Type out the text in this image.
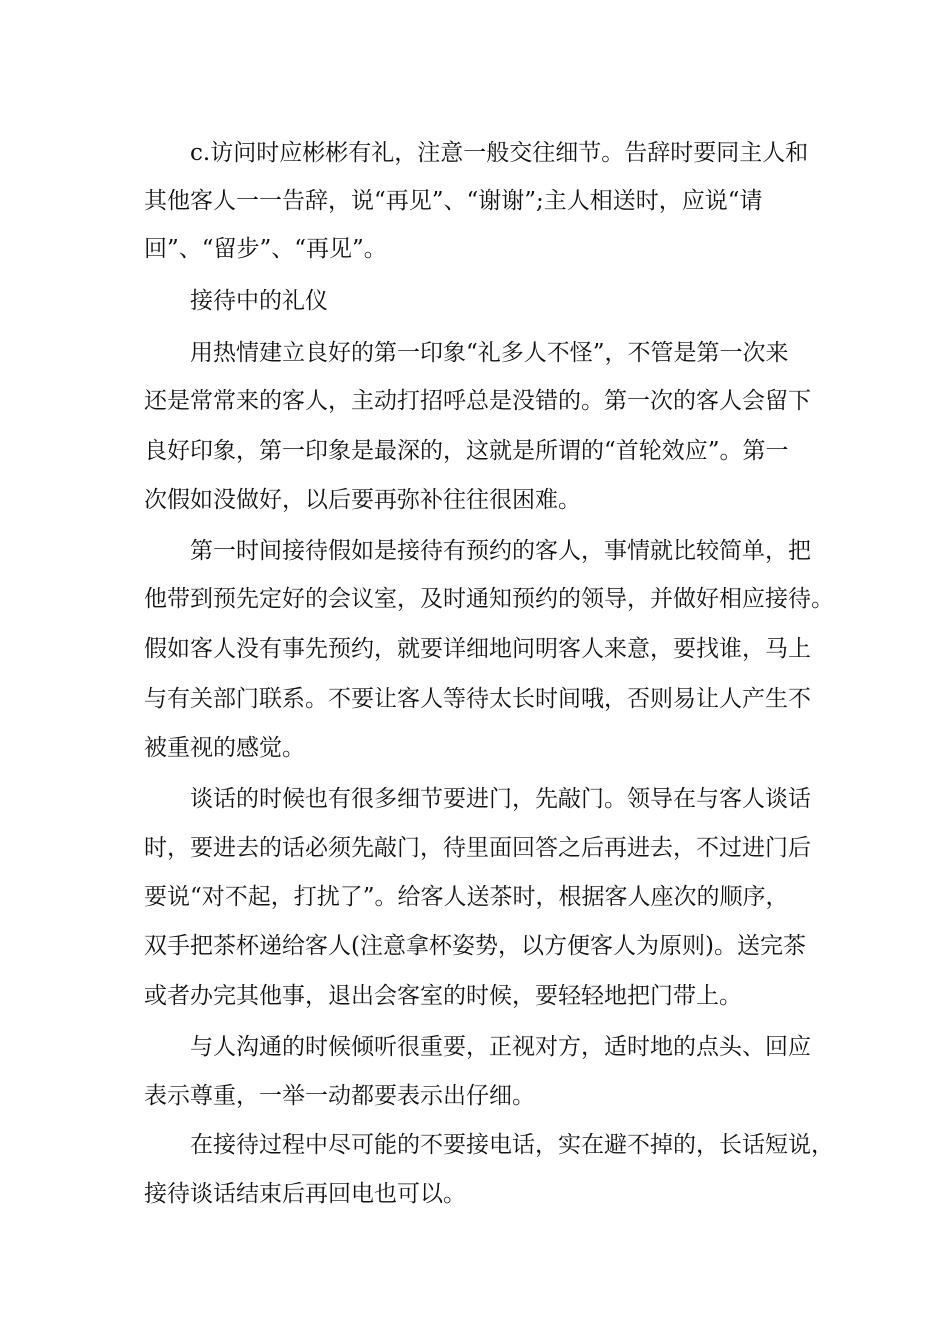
c.访问时应彬彬有礼，注意一般交往细节。告辞时要同主人和
其他客人一一告辞，说“再见”、“谢谢”;主人相送时，应说“请
回”、“留步”、“再见”。
接待中的礼仪
用热情建立良好的第一印象“礼多人不怪”，不管是第一次来
还是常常来的客人，主动打招呼总是没错的。第一次的客人会留下
良好印象，第一印象是最深的，这就是所谓的“首轮效应”。第一
次假如没做好，以后要再弥补往往很困难。
第一时间接待假如是接待有预约的客人，事情就比较简单，把
他带到预先定好的会议室，及时通知预约的领导，并做好相应接待。
假如客人没有事先预约，就要详细地问明客人来意，要找谁，马上
与有关部门联系。不要让客人等待太长时间哦，否则易让人产生不
被重视的感觉。
谈话的时候也有很多细节要进门，先敲门。领导在与客人谈话
时，要进去的话必须先敲门，待里面回答之后再进去，不过进门后
要说“对不起，打扰了”。给客人送茶时，根据客人座次的顺序，
双手把茶杯递给客人(注意拿杯姿势，以方便客人为原则)。送完茶
或者办完其他事，退出会客室的时候，要轻轻地把门带上。
与人沟通的时候倾听很重要，正视对方，适时地的点头、回应
表示尊重，一举一动都要表示出仔细。
在接待过程中尽可能的不要接电话，实在避不掉的，长话短说，
接待谈话结束后再回电也可以。
